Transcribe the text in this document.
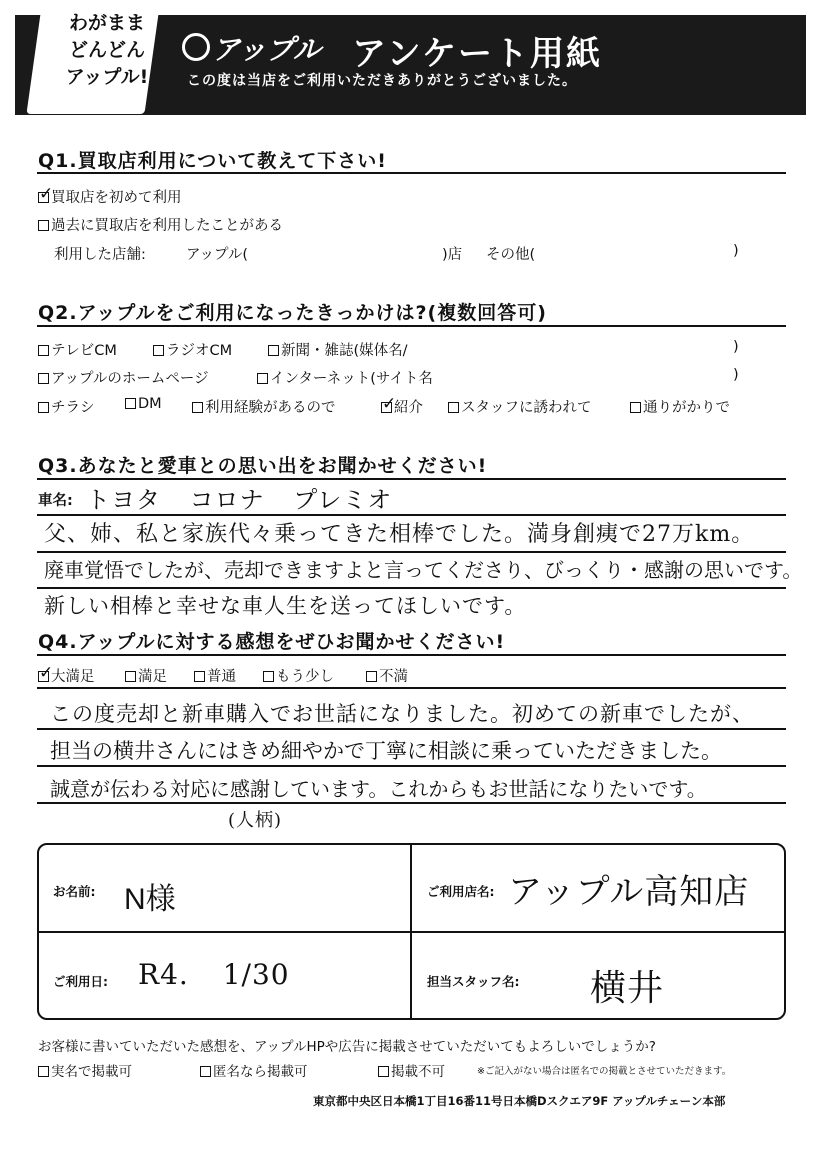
わがまま
どんどん
アップル!
アップル アンケート用紙
この度は当店をご利用いただきありがとうございました。
Q1.買取店利用について教えて下さい!
✓
買取店を初めて利用
過去に買取店を利用したことがある
利用した店舗:	アップル(	)店 その他(	)
Q2.アップルをご利用になったきっかけは?(複数回答可)
テレビCM	ラジオCM	新聞・雑誌(媒体名/	)
アップルのホームページ	インターネット(サイト名	)
チラシ	DM	利用経験があるので	✓
紹介	スタッフに誘われて	通りがかりで
Q3.あなたと愛車との思い出をお聞かせください!
車名: トヨタ コロナ プレミオ
父、姉、私と家族代々乗ってきた相棒でした。満身創痍で27万km。
廃車覚悟でしたが、売却できますよと言ってくださり、びっくり・感謝の思いです。
新しい相棒と幸せな車人生を送ってほしいです。
Q4.アップルに対する感想をぜひお聞かせください!
✓
大満足	満足	普通	もう少し	不満
この度売却と新車購入でお世話になりました。初めての新車でしたが、
担当の横井さんにはきめ細やかで丁寧に相談に乗っていただきました。
誠意が伝わる対応に感謝しています。これからもお世話になりたいです。
(人柄)
お名前: N様	ご利用店名: アップル高知店
ご利用日: R4. 1/30	担当スタッフ名: 横井
お客様に書いていただいた感想を、アップルHPや広告に掲載させていただいてもよろしいでしょうか?
実名で掲載可	匿名なら掲載可	掲載不可	※ご記入がない場合は匿名での掲載とさせていただきます。
東京都中央区日本橋1丁目16番11号日本橋Dスクエア9F アップルチェーン本部
